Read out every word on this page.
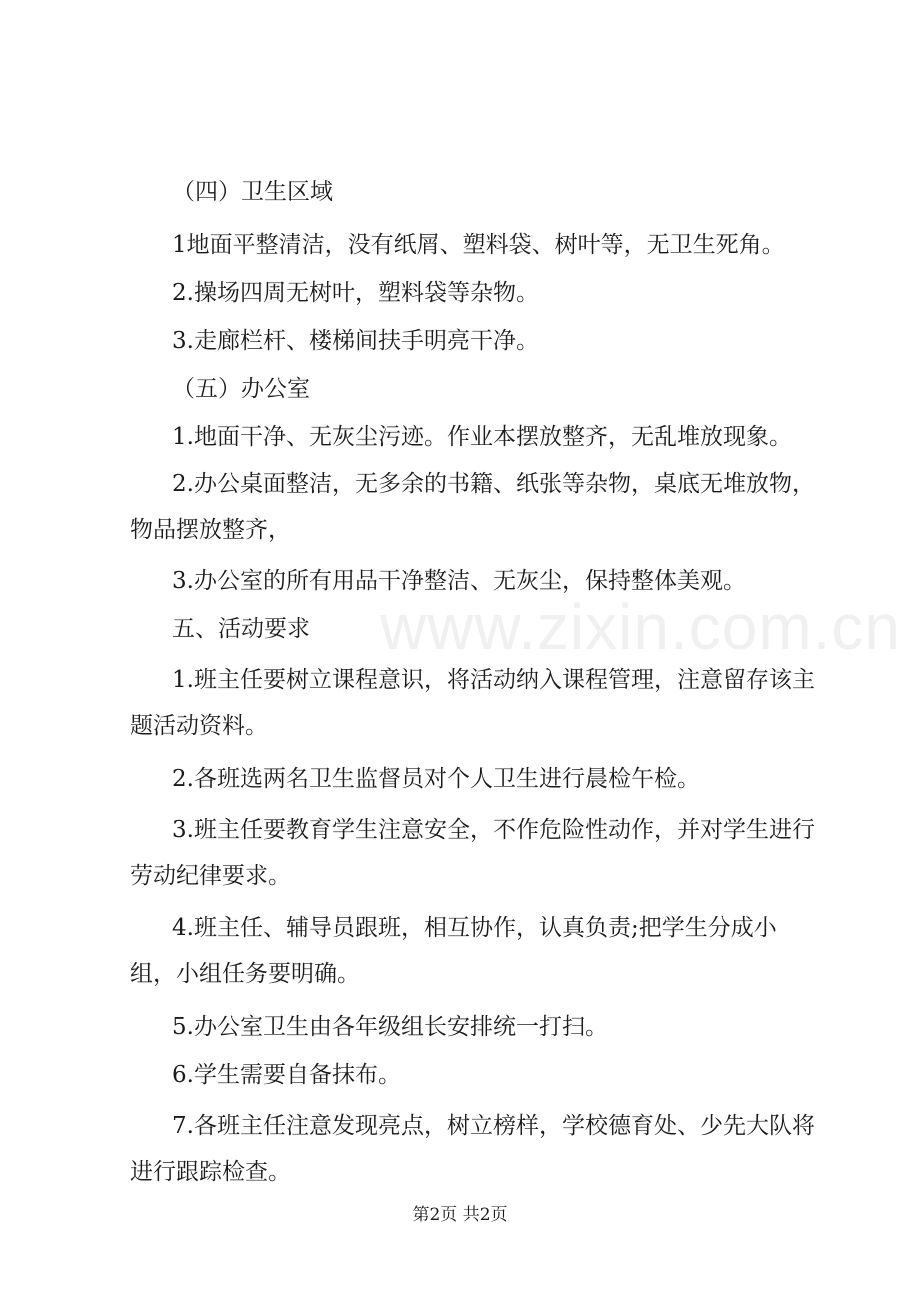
www.zixin.com.cn

（四）卫生区域

1地面平整清洁，没有纸屑、塑料袋、树叶等，无卫生死角。

2.操场四周无树叶，塑料袋等杂物。

3.走廊栏杆、楼梯间扶手明亮干净。

（五）办公室

1.地面干净、无灰尘污迹。作业本摆放整齐，无乱堆放现象。

2.办公桌面整洁，无多余的书籍、纸张等杂物，桌底无堆放物，物品摆放整齐，

3.办公室的所有用品干净整洁、无灰尘，保持整体美观。

五、活动要求

1.班主任要树立课程意识，将活动纳入课程管理，注意留存该主题活动资料。

2.各班选两名卫生监督员对个人卫生进行晨检午检。

3.班主任要教育学生注意安全，不作危险性动作，并对学生进行劳动纪律要求。

4.班主任、辅导员跟班，相互协作，认真负责;把学生分成小组，小组任务要明确。

5.办公室卫生由各年级组长安排统一打扫。

6.学生需要自备抹布。

7.各班主任注意发现亮点，树立榜样，学校德育处、少先大队将进行跟踪检查。

第2页 共2页
